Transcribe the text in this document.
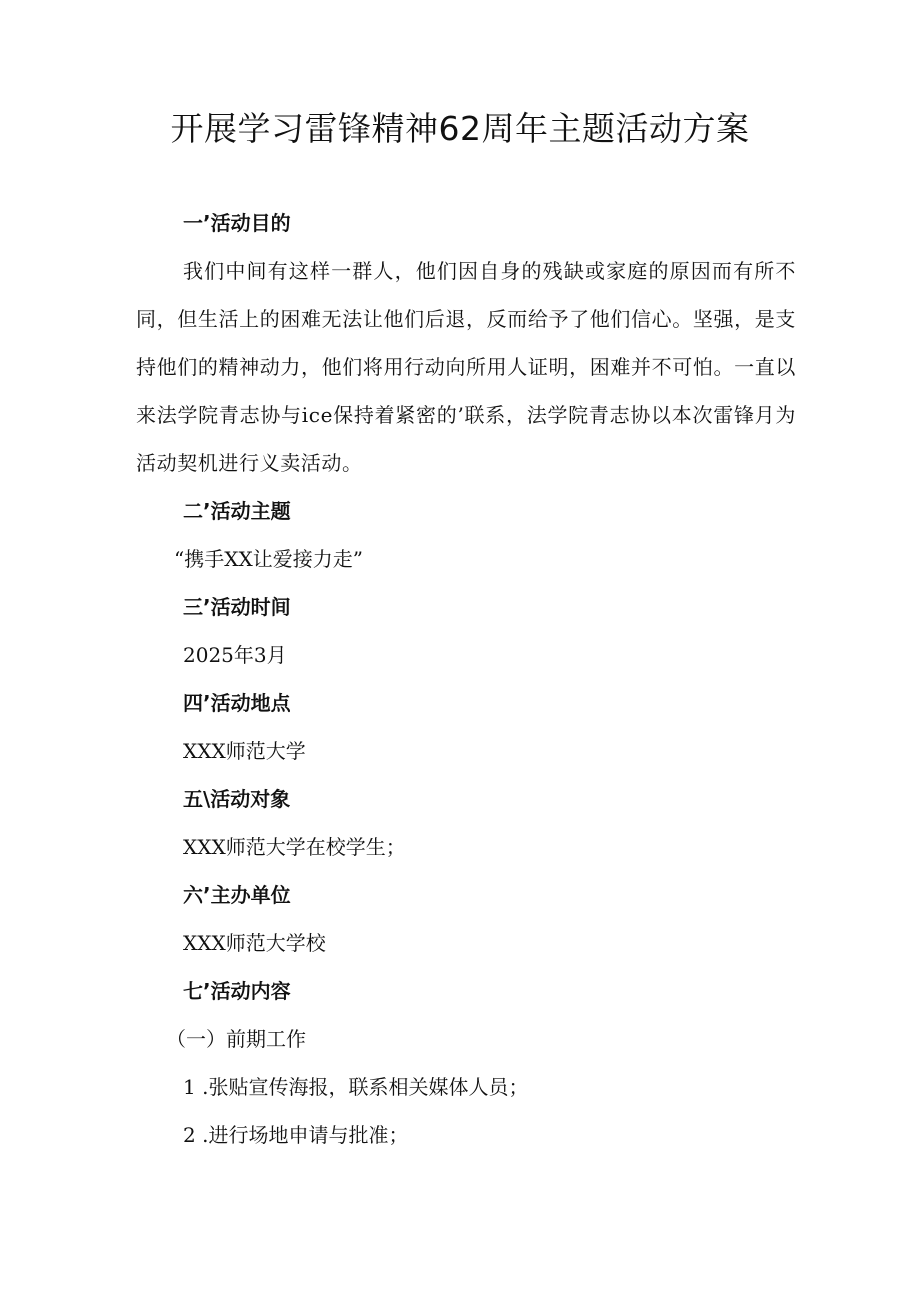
开展学习雷锋精神62周年主题活动方案
一’活动目的
我们中间有这样一群人，他们因自身的残缺或家庭的原因而有所不同，但生活上的困难无法让他们后退，反而给予了他们信心。坚强，是支持他们的精神动力，他们将用行动向所用人证明，困难并不可怕。一直以来法学院青志协与ice保持着紧密的’联系，法学院青志协以本次雷锋月为活动契机进行义卖活动。
二’活动主题
“携手XX让爱接力走”
三’活动时间
2025年3月
四’活动地点
XXX师范大学
五\活动对象
XXX师范大学在校学生；
六’主办单位
XXX师范大学校
七’活动内容
（一）前期工作
1 .张贴宣传海报，联系相关媒体人员；
2 .进行场地申请与批准；
